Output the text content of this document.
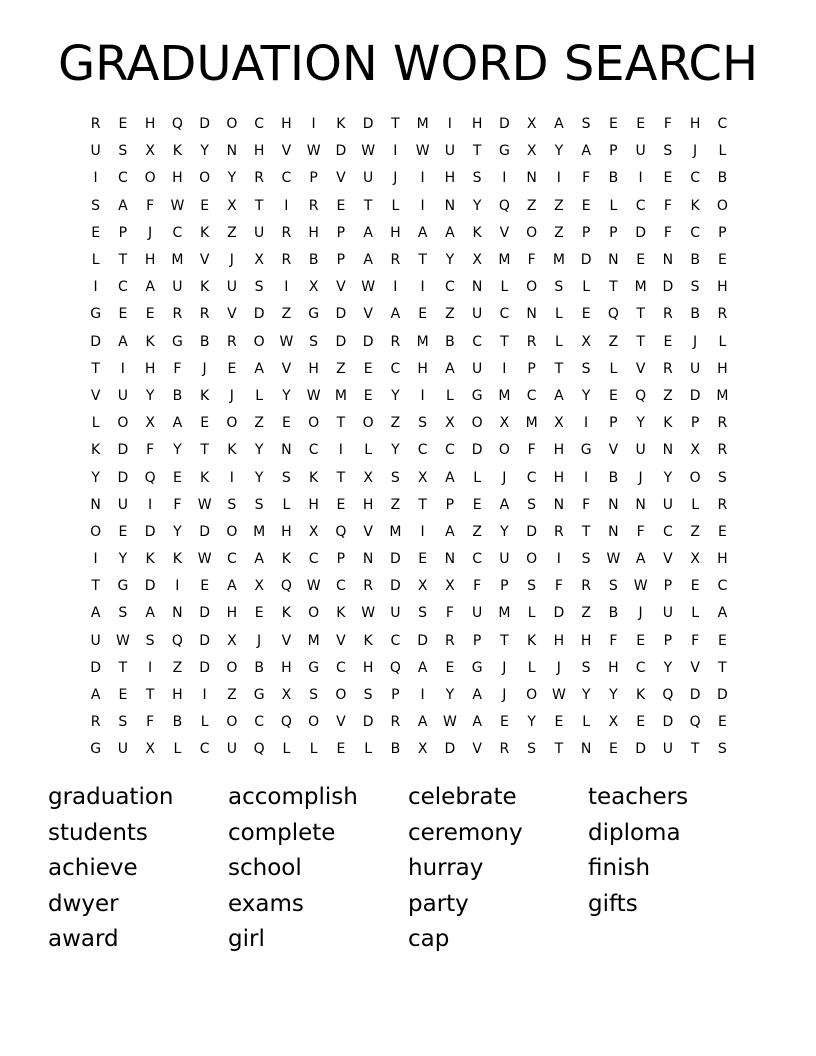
GRADUATION WORD SEARCH
R	E	H	Q	D	O	C	H	I	K	D	T	M	I	H	D	X	A	S	E	E	F	H	C
U	S	X	K	Y	N	H	V	W	D	W	I	W	U	T	G	X	Y	A	P	U	S	J	L
I	C	O	H	O	Y	R	C	P	V	U	J	I	H	S	I	N	I	F	B	I	E	C	B
S	A	F	W	E	X	T	I	R	E	T	L	I	N	Y	Q	Z	Z	E	L	C	F	K	O
E	P	J	C	K	Z	U	R	H	P	A	H	A	A	K	V	O	Z	P	P	D	F	C	P
L	T	H	M	V	J	X	R	B	P	A	R	T	Y	X	M	F	M	D	N	E	N	B	E
I	C	A	U	K	U	S	I	X	V	W	I	I	C	N	L	O	S	L	T	M	D	S	H
G	E	E	R	R	V	D	Z	G	D	V	A	E	Z	U	C	N	L	E	Q	T	R	B	R
D	A	K	G	B	R	O	W	S	D	D	R	M	B	C	T	R	L	X	Z	T	E	J	L
T	I	H	F	J	E	A	V	H	Z	E	C	H	A	U	I	P	T	S	L	V	R	U	H
V	U	Y	B	K	J	L	Y	W	M	E	Y	I	L	G	M	C	A	Y	E	Q	Z	D	M
L	O	X	A	E	O	Z	E	O	T	O	Z	S	X	O	X	M	X	I	P	Y	K	P	R
K	D	F	Y	T	K	Y	N	C	I	L	Y	C	C	D	O	F	H	G	V	U	N	X	R
Y	D	Q	E	K	I	Y	S	K	T	X	S	X	A	L	J	C	H	I	B	J	Y	O	S
N	U	I	F	W	S	S	L	H	E	H	Z	T	P	E	A	S	N	F	N	N	U	L	R
O	E	D	Y	D	O	M	H	X	Q	V	M	I	A	Z	Y	D	R	T	N	F	C	Z	E
I	Y	K	K	W	C	A	K	C	P	N	D	E	N	C	U	O	I	S	W	A	V	X	H
T	G	D	I	E	A	X	Q	W	C	R	D	X	X	F	P	S	F	R	S	W	P	E	C
A	S	A	N	D	H	E	K	O	K	W	U	S	F	U	M	L	D	Z	B	J	U	L	A
U	W	S	Q	D	X	J	V	M	V	K	C	D	R	P	T	K	H	H	F	E	P	F	E
D	T	I	Z	D	O	B	H	G	C	H	Q	A	E	G	J	L	J	S	H	C	Y	V	T
A	E	T	H	I	Z	G	X	S	O	S	P	I	Y	A	J	O	W	Y	Y	K	Q	D	D
R	S	F	B	L	O	C	Q	O	V	D	R	A	W	A	E	Y	E	L	X	E	D	Q	E
G	U	X	L	C	U	Q	L	L	E	L	B	X	D	V	R	S	T	N	E	D	U	T	S
graduation
students
achieve
dwyer
award
accomplish
complete
school
exams
girl
celebrate
ceremony
hurray
party
cap
teachers
diploma
finish
gifts
